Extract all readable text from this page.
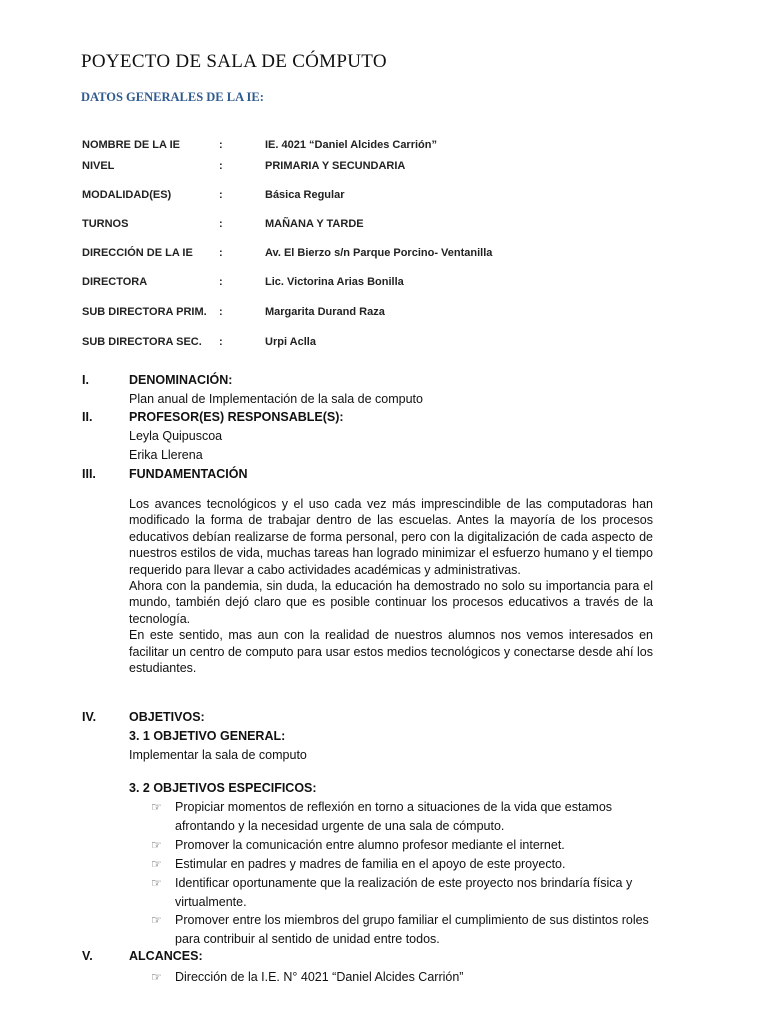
POYECTO DE SALA DE CÓMPUTO
DATOS GENERALES DE LA IE:
NOMBRE DE LA IE	:	IE. 4021 “Daniel Alcides Carrión”
NIVEL	:	PRIMARIA Y SECUNDARIA
MODALIDAD(ES)	:	Básica Regular
TURNOS	:	MAÑANA Y TARDE
DIRECCIÓN DE LA IE :	Av. El Bierzo s/n Parque Porcino- Ventanilla
DIRECTORA	:	Lic. Victorina Arias Bonilla
SUB DIRECTORA PRIM. :	Margarita Durand Raza
SUB DIRECTORA SEC. :	Urpi Aclla
I.	DENOMINACIÓN:
Plan anual de Implementación de la sala de computo
II.	PROFESOR(ES) RESPONSABLE(S):
Leyla Quipuscoa
Erika Llerena
III.	FUNDAMENTACIÓN

Los avances tecnológicos y el uso cada vez más imprescindible de las computadoras han modificado la forma de trabajar dentro de las escuelas. Antes la mayoría de los procesos educativos debían realizarse de forma personal, pero con la digitalización de cada aspecto de nuestros estilos de vida, muchas tareas han logrado minimizar el esfuerzo humano y el tiempo requerido para llevar a cabo actividades académicas y administrativas.

Ahora con la pandemia, sin duda, la educación ha demostrado no solo su importancia para el mundo, también dejó claro que es posible continuar los procesos educativos a través de la tecnología.

En este sentido, mas aun con la realidad de nuestros alumnos nos vemos interesados en facilitar un centro de computo para usar estos medios tecnológicos y conectarse desde ahí los estudiantes.

IV.	OBJETIVOS:
3. 1 OBJETIVO GENERAL:
Implementar la sala de computo
3. 2 OBJETIVOS ESPECIFICOS:
☞ Propiciar momentos de reflexión en torno a situaciones de la vida que estamos afrontando y la necesidad urgente de una sala de cómputo.
☞ Promover la comunicación entre alumno profesor mediante el internet.
☞ Estimular en padres y madres de familia en el apoyo de este proyecto.
☞ Identificar oportunamente que la realización de este proyecto nos brindaría física y virtualmente.
☞ Promover entre los miembros del grupo familiar el cumplimiento de sus distintos roles para contribuir al sentido de unidad entre todos.
V.	ALCANCES:
☞ Dirección de la I.E. N° 4021 “Daniel Alcides Carrión”
